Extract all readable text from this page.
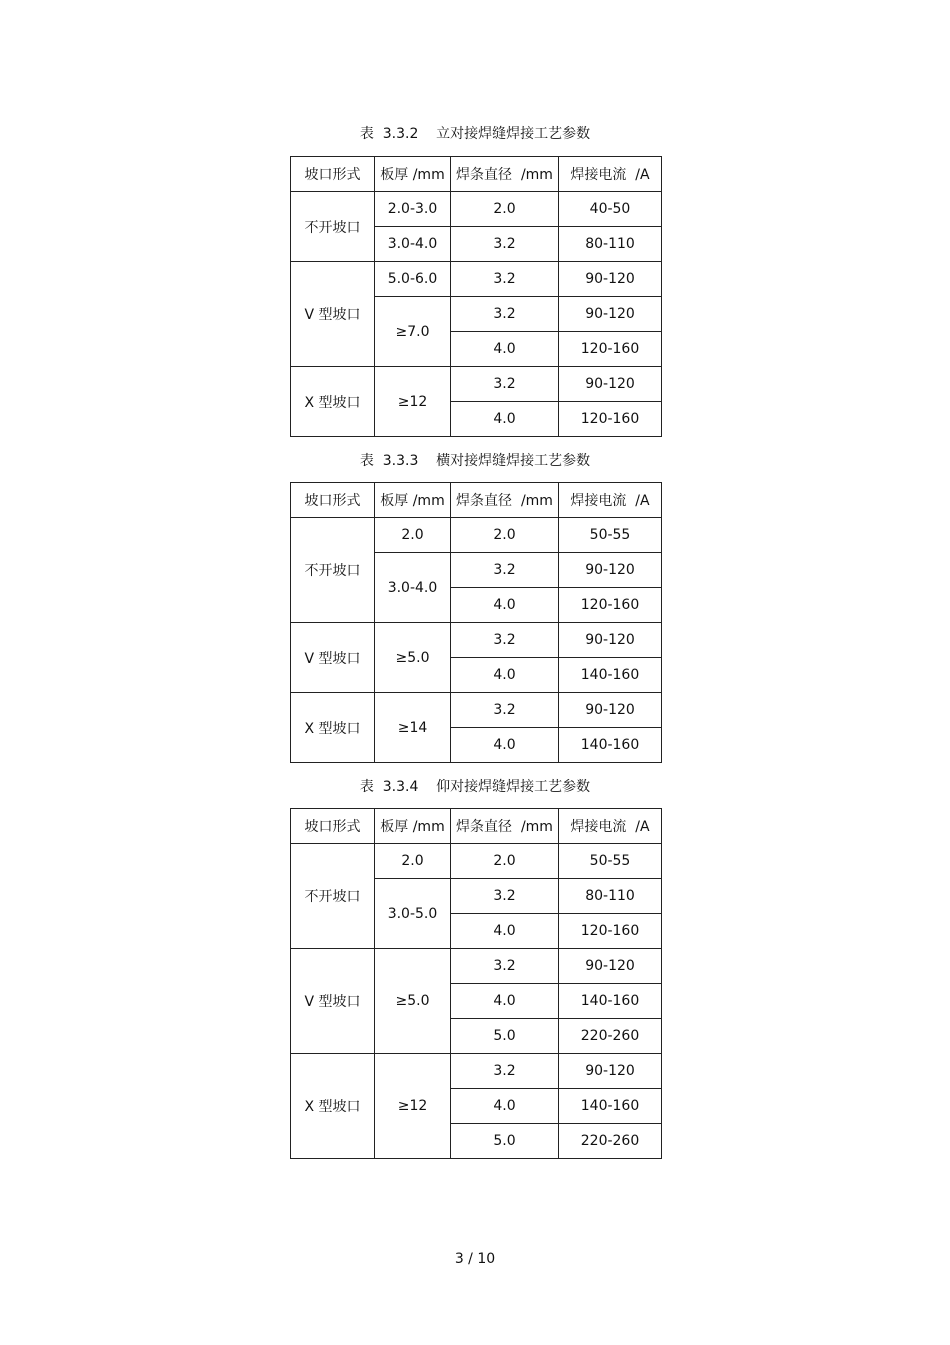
表  3.3.2    立对接焊缝焊接工艺参数
坡口形式	板厚 /mm	焊条直径  /mm	焊接电流  /A
不开坡口	2.0-3.0	2.0	40-50
	3.0-4.0	3.2	80-110
V 型坡口	5.0-6.0	3.2	90-120
	≥7.0	3.2	90-120
		4.0	120-160
X 型坡口	≥12	3.2	90-120
		4.0	120-160
表  3.3.3    横对接焊缝焊接工艺参数
坡口形式	板厚 /mm	焊条直径  /mm	焊接电流  /A
不开坡口	2.0	2.0	50-55
	3.0-4.0	3.2	90-120
		4.0	120-160
V 型坡口	≥5.0	3.2	90-120
		4.0	140-160
X 型坡口	≥14	3.2	90-120
		4.0	140-160
表  3.3.4    仰对接焊缝焊接工艺参数
坡口形式	板厚 /mm	焊条直径  /mm	焊接电流  /A
不开坡口	2.0	2.0	50-55
	3.0-5.0	3.2	80-110
		4.0	120-160
V 型坡口	≥5.0	3.2	90-120
		4.0	140-160
		5.0	220-260
X 型坡口	≥12	3.2	90-120
		4.0	140-160
		5.0	220-260
3 / 10
